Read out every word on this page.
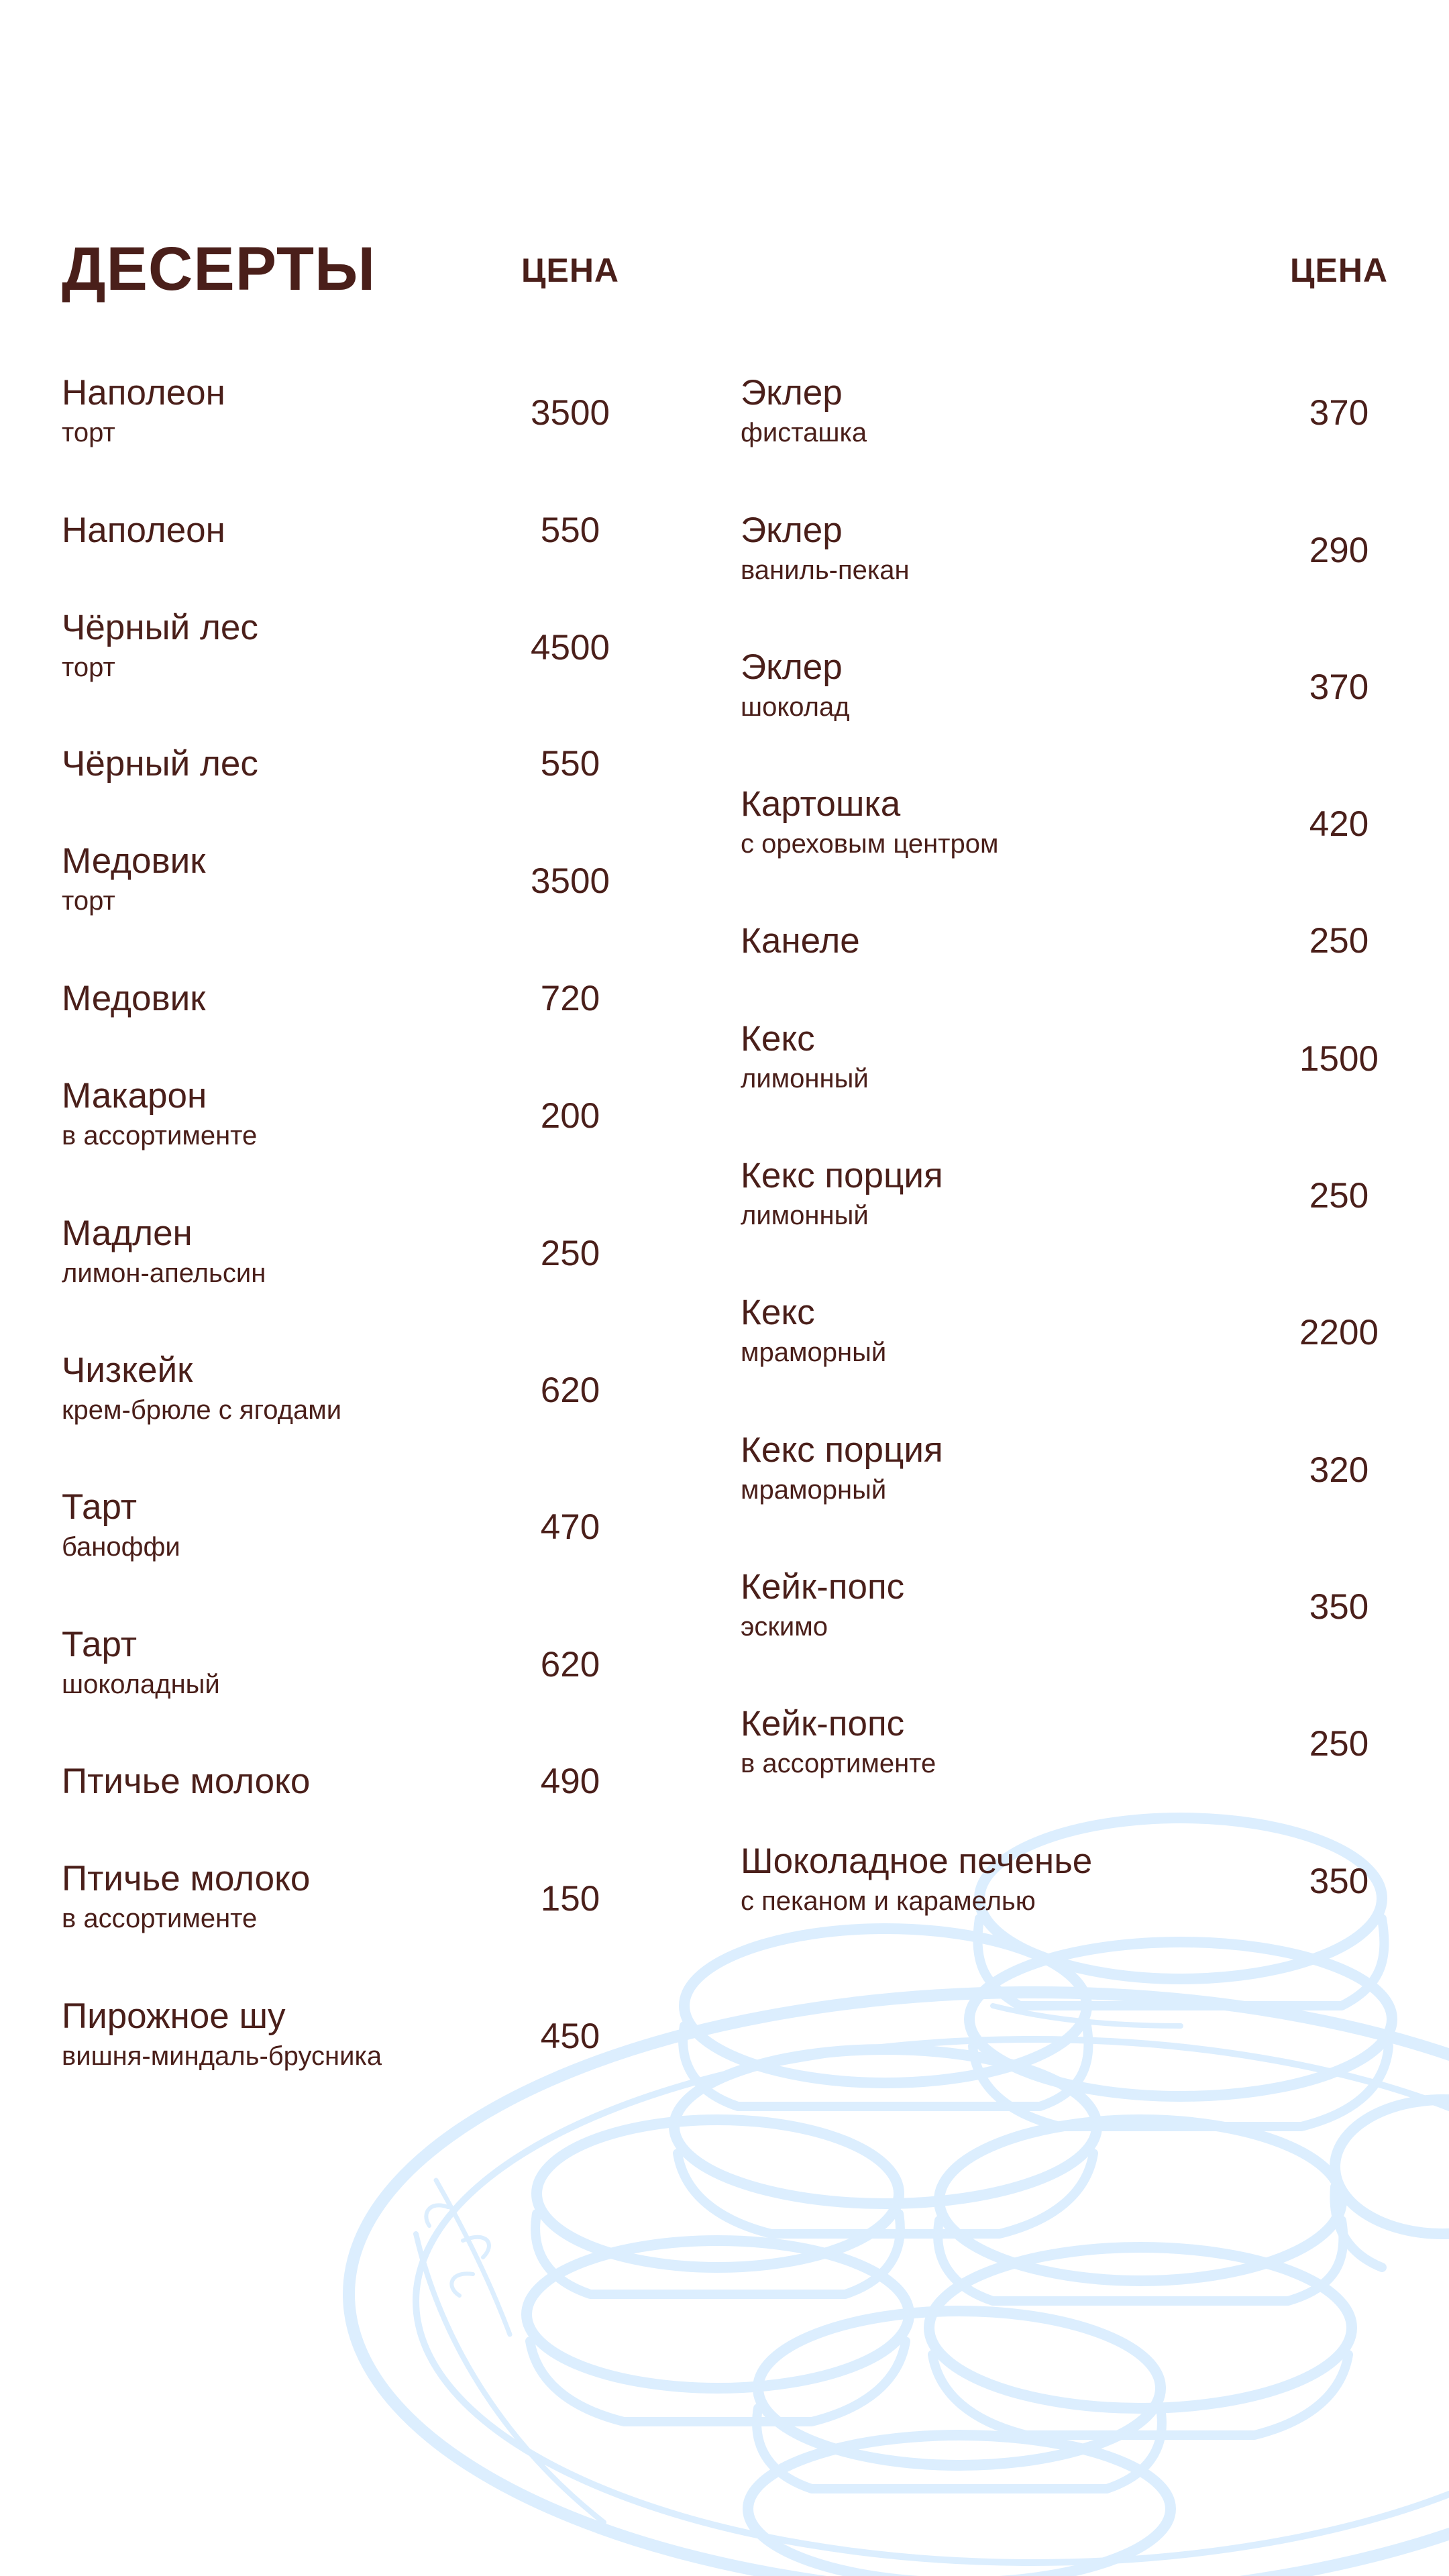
ДЕСЕРТЫ	ЦЕНА	ЦЕНА
Наполеон
торт	3500
Наполеон	550
Чёрный лес
торт	4500
Чёрный лес	550
Медовик
торт	3500
Медовик	720
Макарон
в ассортименте	200
Мадлен
лимон-апельсин	250
Чизкейк
крем-брюле с ягодами	620
Тарт
баноффи	470
Тарт
шоколадный	620
Птичье молоко	490
Птичье молоко
в ассортименте	150
Пирожное шу
вишня-миндаль-брусника	450
Эклер
фисташка	370
Эклер
ваниль-пекан	290
Эклер
шоколад	370
Картошка
с ореховым центром	420
Канеле	250
Кекс
лимонный	1500
Кекс порция
лимонный	250
Кекс
мраморный	2200
Кекс порция
мраморный	320
Кейк-попс
эскимо	350
Кейк-попс
в ассортименте	250
Шоколадное печенье
с пеканом и карамелью	350
